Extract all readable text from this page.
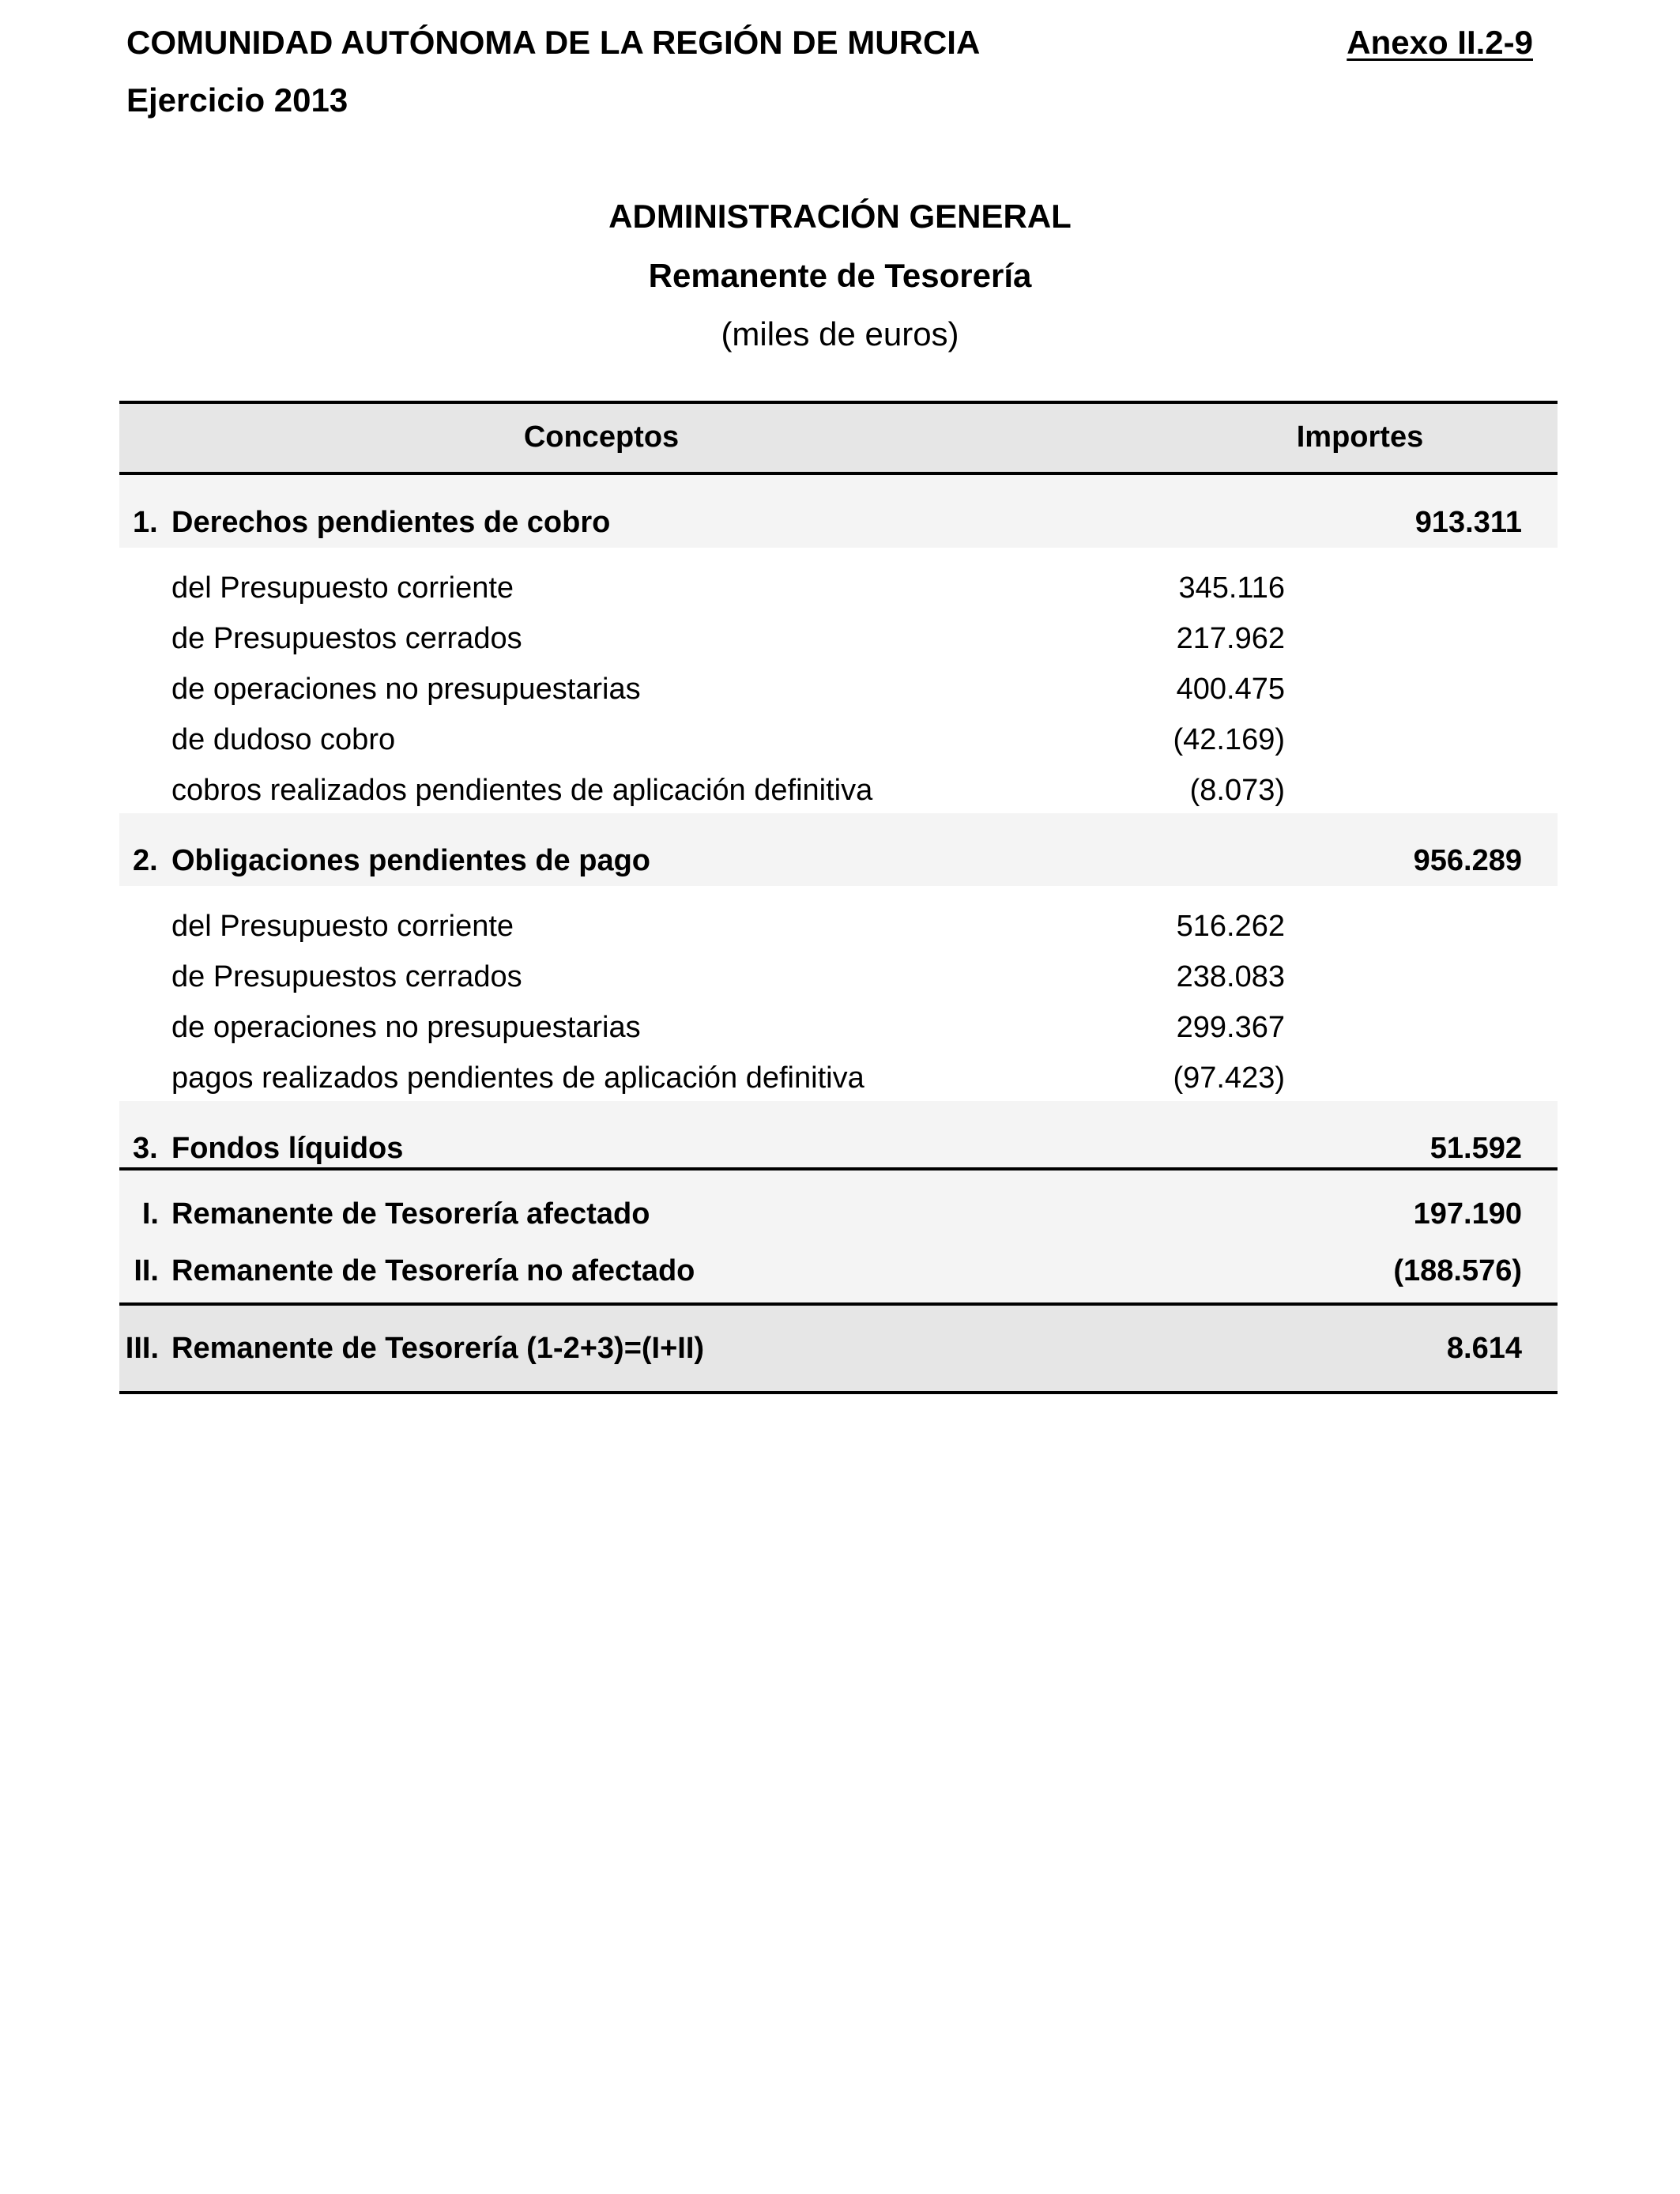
COMUNIDAD AUTÓNOMA DE LA REGIÓN DE MURCIA
Ejercicio 2013
Anexo II.2-9
ADMINISTRACIÓN GENERAL
Remanente de Tesorería
(miles de euros)
Conceptos	Importes
1. Derechos pendientes de cobro	913.311
del Presupuesto corriente	345.116
de Presupuestos cerrados	217.962
de operaciones no presupuestarias	400.475
de dudoso cobro	(42.169)
cobros realizados pendientes de aplicación definitiva	(8.073)
2. Obligaciones pendientes de pago	956.289
del Presupuesto corriente	516.262
de Presupuestos cerrados	238.083
de operaciones no presupuestarias	299.367
pagos realizados pendientes de aplicación definitiva	(97.423)
3. Fondos líquidos	51.592
I. Remanente de Tesorería afectado	197.190
II. Remanente de Tesorería no afectado	(188.576)
III. Remanente de Tesorería (1-2+3)=(I+II)	8.614
